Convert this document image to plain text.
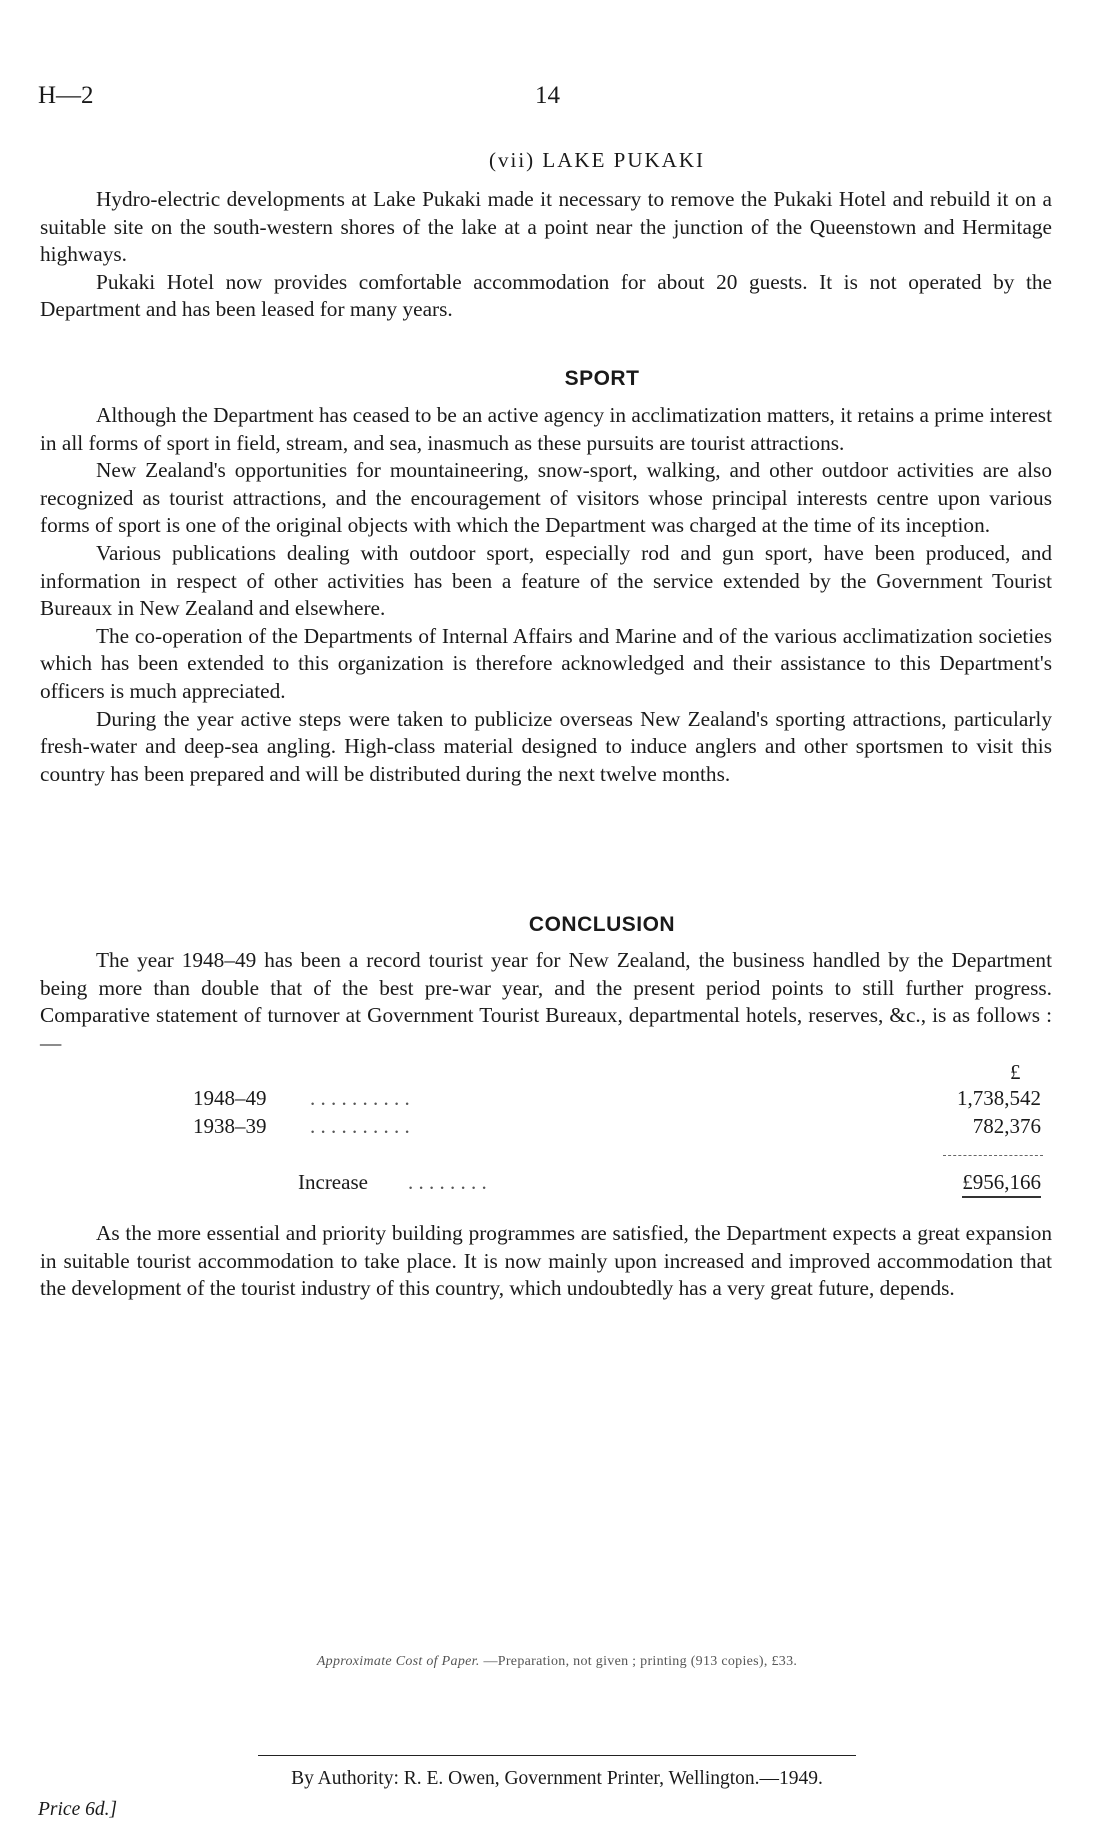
H—2	14
(vii) LAKE PUKAKI

Hydro-electric developments at Lake Pukaki made it necessary to remove the Pukaki Hotel and rebuild it on a suitable site on the south-western shores of the lake at a point near the junction of the Queenstown and Hermitage highways.

Pukaki Hotel now provides comfortable accommodation for about 20 guests. It is not operated by the Department and has been leased for many years.

SPORT

Although the Department has ceased to be an active agency in acclimatization matters, it retains a prime interest in all forms of sport in field, stream, and sea, inasmuch as these pursuits are tourist attractions.

New Zealand's opportunities for mountaineering, snow-sport, walking, and other outdoor activities are also recognized as tourist attractions, and the encouragement of visitors whose principal interests centre upon various forms of sport is one of the original objects with which the Department was charged at the time of its inception.

Various publications dealing with outdoor sport, especially rod and gun sport, have been produced, and information in respect of other activities has been a feature of the service extended by the Government Tourist Bureaux in New Zealand and elsewhere.

The co-operation of the Departments of Internal Affairs and Marine and of the various acclimatization societies which has been extended to this organization is therefore acknowledged and their assistance to this Department's officers is much appreciated.

During the year active steps were taken to publicize overseas New Zealand's sporting attractions, particularly fresh-water and deep-sea angling. High-class material designed to induce anglers and other sportsmen to visit this country has been prepared and will be distributed during the next twelve months.

CONCLUSION

The year 1948–49 has been a record tourist year for New Zealand, the business handled by the Department being more than double that of the best pre-war year, and the present period points to still further progress. Comparative statement of turnover at Government Tourist Bureaux, departmental hotels, reserves, &c., is as follows :—

£
1948–49 . . . . . . . . . .	1,738,542
1938–39 . . . . . . . . . .	782,376
Increase . . . . . . . .	£956,166

As the more essential and priority building programmes are satisfied, the Department expects a great expansion in suitable tourist accommodation to take place. It is now mainly upon increased and improved accommodation that the development of the tourist industry of this country, which undoubtedly has a very great future, depends.

Approximate Cost of Paper. —Preparation, not given ; printing (913 copies), £33.
By Authority: R. E. Owen, Government Printer, Wellington.—1949.
Price 6d.]
